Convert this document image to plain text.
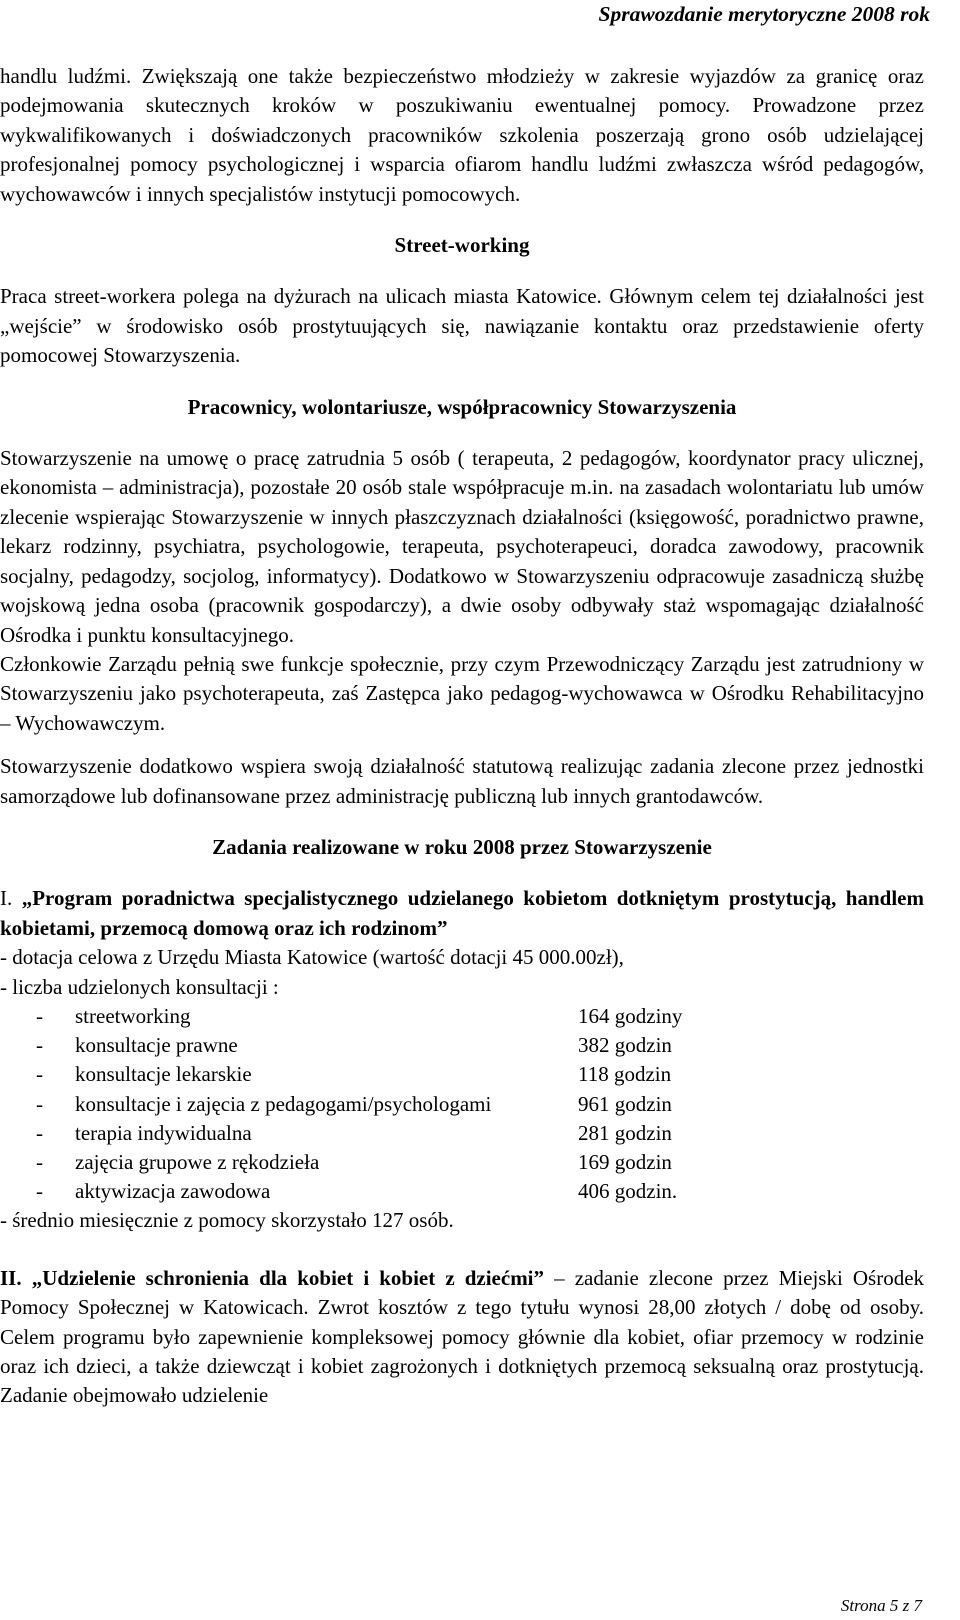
Sprawozdanie merytoryczne 2008 rok

handlu ludźmi. Zwiększają one także bezpieczeństwo młodzieży w zakresie wyjazdów za granicę oraz podejmowania skutecznych kroków w poszukiwaniu ewentualnej pomocy. Prowadzone przez wykwalifikowanych i doświadczonych pracowników szkolenia poszerzają grono osób udzielającej profesjonalnej pomocy psychologicznej i wsparcia ofiarom handlu ludźmi zwłaszcza wśród pedagogów, wychowawców i innych specjalistów instytucji pomocowych.

Street-working

Praca street-workera polega na dyżurach na ulicach miasta Katowice. Głównym celem tej działalności jest „wejście” w środowisko osób prostytuujących się, nawiązanie kontaktu oraz przedstawienie oferty pomocowej Stowarzyszenia.

Pracownicy, wolontariusze, współpracownicy Stowarzyszenia

Stowarzyszenie na umowę o pracę zatrudnia 5 osób ( terapeuta, 2 pedagogów, koordynator pracy ulicznej, ekonomista – administracja), pozostałe 20 osób stale współpracuje m.in. na zasadach wolontariatu lub umów zlecenie wspierając Stowarzyszenie w innych płaszczyznach działalności (księgowość, poradnictwo prawne, lekarz rodzinny, psychiatra, psychologowie, terapeuta, psychoterapeuci, doradca zawodowy, pracownik socjalny, pedagodzy, socjolog, informatycy). Dodatkowo w Stowarzyszeniu odpracowuje zasadniczą służbę wojskową jedna osoba (pracownik gospodarczy), a dwie osoby odbywały staż wspomagając działalność Ośrodka i punktu konsultacyjnego.

Członkowie Zarządu pełnią swe funkcje społecznie, przy czym Przewodniczący Zarządu jest zatrudniony w Stowarzyszeniu jako psychoterapeuta, zaś Zastępca jako pedagog-wychowawca w Ośrodku Rehabilitacyjno – Wychowawczym.

Stowarzyszenie dodatkowo wspiera swoją działalność statutową realizując zadania zlecone przez jednostki samorządowe lub dofinansowane przez administrację publiczną lub innych grantodawców.

Zadania realizowane w roku 2008 przez Stowarzyszenie

I. „Program poradnictwa specjalistycznego udzielanego kobietom dotkniętym prostytucją, handlem kobietami, przemocą domową oraz ich rodzinom”

- dotacja celowa z Urzędu Miasta Katowice (wartość dotacji 45 000.00zł),

- liczba udzielonych konsultacji :

- streetworking	164 godziny
- konsultacje prawne	382 godzin
- konsultacje lekarskie	118 godzin
- konsultacje i zajęcia z pedagogami/psychologami	961 godzin
- terapia indywidualna	281 godzin
- zajęcia grupowe z rękodzieła	169 godzin
- aktywizacja zawodowa	406 godzin.

- średnio miesięcznie z pomocy skorzystało 127 osób.

II. „Udzielenie schronienia dla kobiet i kobiet z dziećmi” – zadanie zlecone przez Miejski Ośrodek Pomocy Społecznej w Katowicach. Zwrot kosztów z tego tytułu wynosi 28,00 złotych / dobę od osoby. Celem programu było zapewnienie kompleksowej pomocy głównie dla kobiet, ofiar przemocy w rodzinie oraz ich dzieci, a także dziewcząt i kobiet zagrożonych i dotkniętych przemocą seksualną oraz prostytucją. Zadanie obejmowało udzielenie

Strona 5 z 7
